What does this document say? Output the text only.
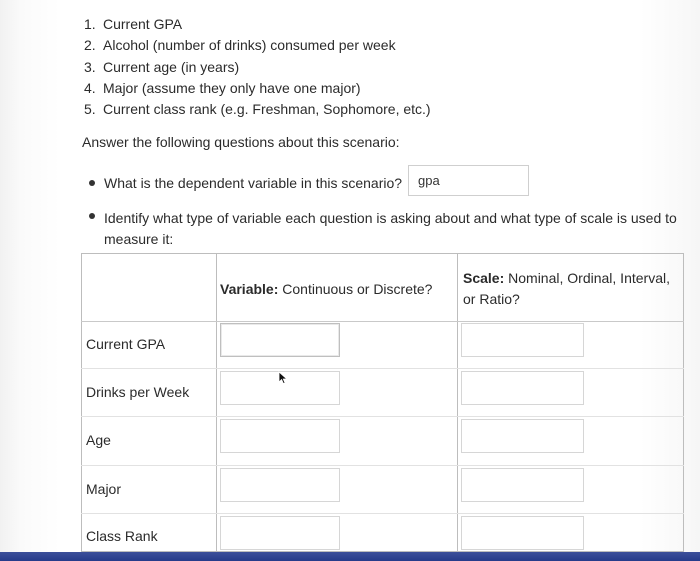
1. Current GPA
2. Alcohol (number of drinks) consumed per week
3. Current age (in years)
4. Major (assume they only have one major)
5. Current class rank (e.g. Freshman, Sophomore, etc.)
Answer the following questions about this scenario:
What is the dependent variable in this scenario?	gpa
Identify what type of variable each question is asking about and what type of scale is used to measure it:
Variable: Continuous or Discrete?
Scale: Nominal, Ordinal, Interval, or Ratio?
Current GPA
Drinks per Week
Age
Major
Class Rank
